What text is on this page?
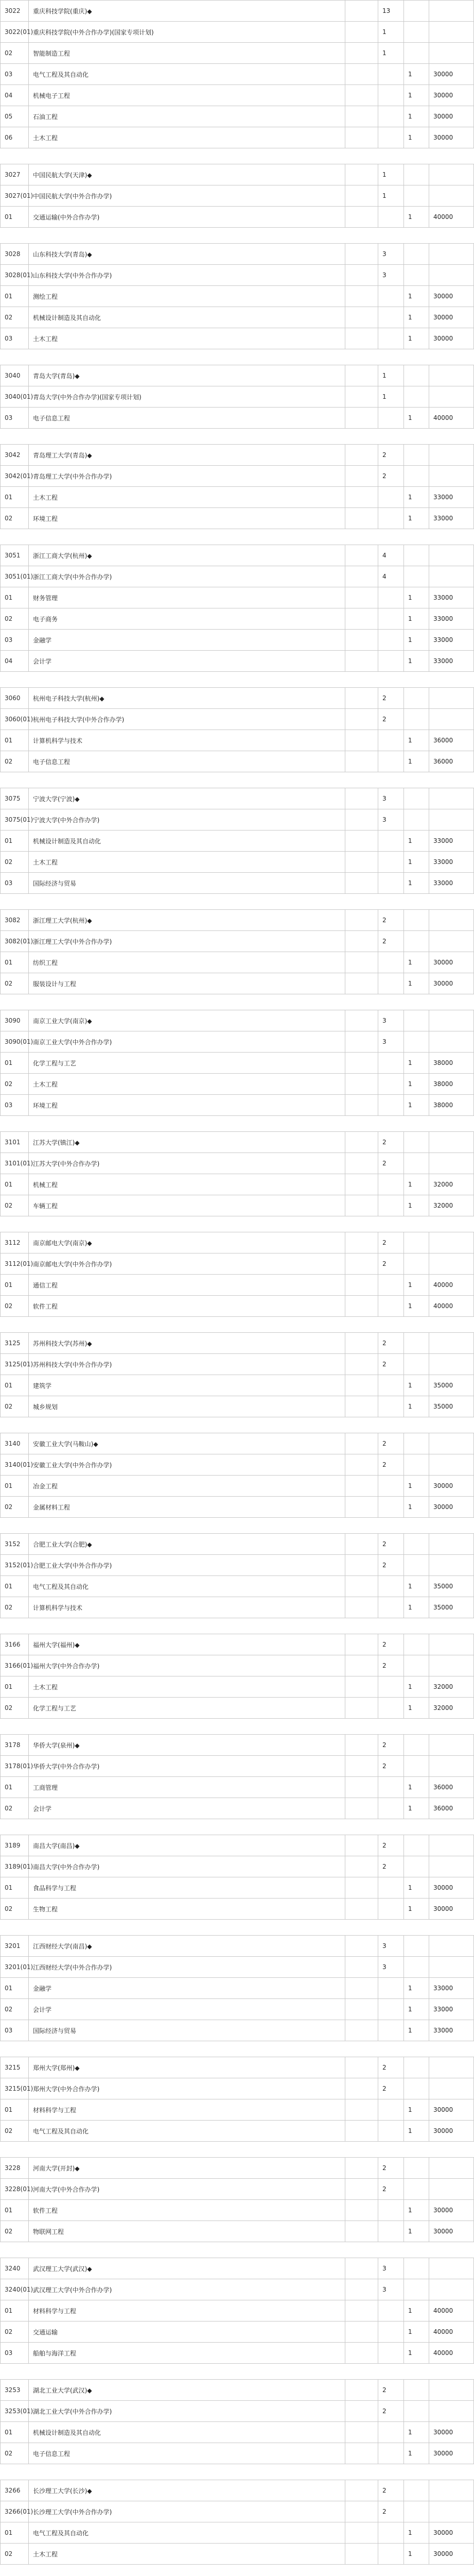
3022	重庆科技学院(重庆)◆		13		
3022(01)	重庆科技学院(中外合作办学)(国家专项计划)		1		
02	智能制造工程		1		
03	电气工程及其自动化			1	30000
04	机械电子工程			1	30000
05	石油工程			1	30000
06	土木工程			1	30000

3027	中国民航大学(天津)◆		1		
3027(01)	中国民航大学(中外合作办学)		1		
01	交通运输(中外合作办学)			1	40000

3028	山东科技大学(青岛)◆		3		
3028(01)	山东科技大学(中外合作办学)		3		
01	测绘工程			1	30000
02	机械设计制造及其自动化			1	30000
03	土木工程			1	30000

3040	青岛大学(青岛)◆		1		
3040(01)	青岛大学(中外合作办学)(国家专项计划)		1		
03	电子信息工程			1	40000

3042	青岛理工大学(青岛)◆		2		
3042(01)	青岛理工大学(中外合作办学)		2		
01	土木工程			1	33000
02	环境工程			1	33000

3051	浙江工商大学(杭州)◆		4		
3051(01)	浙江工商大学(中外合作办学)		4		
01	财务管理			1	33000
02	电子商务			1	33000
03	金融学			1	33000
04	会计学			1	33000

3060	杭州电子科技大学(杭州)◆		2		
3060(01)	杭州电子科技大学(中外合作办学)		2		
01	计算机科学与技术			1	36000
02	电子信息工程			1	36000

3075	宁波大学(宁波)◆		3		
3075(01)	宁波大学(中外合作办学)		3		
01	机械设计制造及其自动化			1	33000
02	土木工程			1	33000
03	国际经济与贸易			1	33000

3082	浙江理工大学(杭州)◆		2		
3082(01)	浙江理工大学(中外合作办学)		2		
01	纺织工程			1	30000
02	服装设计与工程			1	30000

3090	南京工业大学(南京)◆		3		
3090(01)	南京工业大学(中外合作办学)		3		
01	化学工程与工艺			1	38000
02	土木工程			1	38000
03	环境工程			1	38000

3101	江苏大学(镇江)◆		2		
3101(01)	江苏大学(中外合作办学)		2		
01	机械工程			1	32000
02	车辆工程			1	32000

3112	南京邮电大学(南京)◆		2		
3112(01)	南京邮电大学(中外合作办学)		2		
01	通信工程			1	40000
02	软件工程			1	40000

3125	苏州科技大学(苏州)◆		2		
3125(01)	苏州科技大学(中外合作办学)		2		
01	建筑学			1	35000
02	城乡规划			1	35000

3140	安徽工业大学(马鞍山)◆		2		
3140(01)	安徽工业大学(中外合作办学)		2		
01	冶金工程			1	30000
02	金属材料工程			1	30000

3152	合肥工业大学(合肥)◆		2		
3152(01)	合肥工业大学(中外合作办学)		2		
01	电气工程及其自动化			1	35000
02	计算机科学与技术			1	35000

3166	福州大学(福州)◆		2		
3166(01)	福州大学(中外合作办学)		2		
01	土木工程			1	32000
02	化学工程与工艺			1	32000

3178	华侨大学(泉州)◆		2		
3178(01)	华侨大学(中外合作办学)		2		
01	工商管理			1	36000
02	会计学			1	36000

3189	南昌大学(南昌)◆		2		
3189(01)	南昌大学(中外合作办学)		2		
01	食品科学与工程			1	30000
02	生物工程			1	30000

3201	江西财经大学(南昌)◆		3		
3201(01)	江西财经大学(中外合作办学)		3		
01	金融学			1	33000
02	会计学			1	33000
03	国际经济与贸易			1	33000

3215	郑州大学(郑州)◆		2		
3215(01)	郑州大学(中外合作办学)		2		
01	材料科学与工程			1	30000
02	电气工程及其自动化			1	30000

3228	河南大学(开封)◆		2		
3228(01)	河南大学(中外合作办学)		2		
01	软件工程			1	30000
02	物联网工程			1	30000

3240	武汉理工大学(武汉)◆		3		
3240(01)	武汉理工大学(中外合作办学)		3		
01	材料科学与工程			1	40000
02	交通运输			1	40000
03	船舶与海洋工程			1	40000

3253	湖北工业大学(武汉)◆		2		
3253(01)	湖北工业大学(中外合作办学)		2		
01	机械设计制造及其自动化			1	30000
02	电子信息工程			1	30000

3266	长沙理工大学(长沙)◆		2		
3266(01)	长沙理工大学(中外合作办学)		2		
01	电气工程及其自动化			1	30000
02	土木工程			1	30000
